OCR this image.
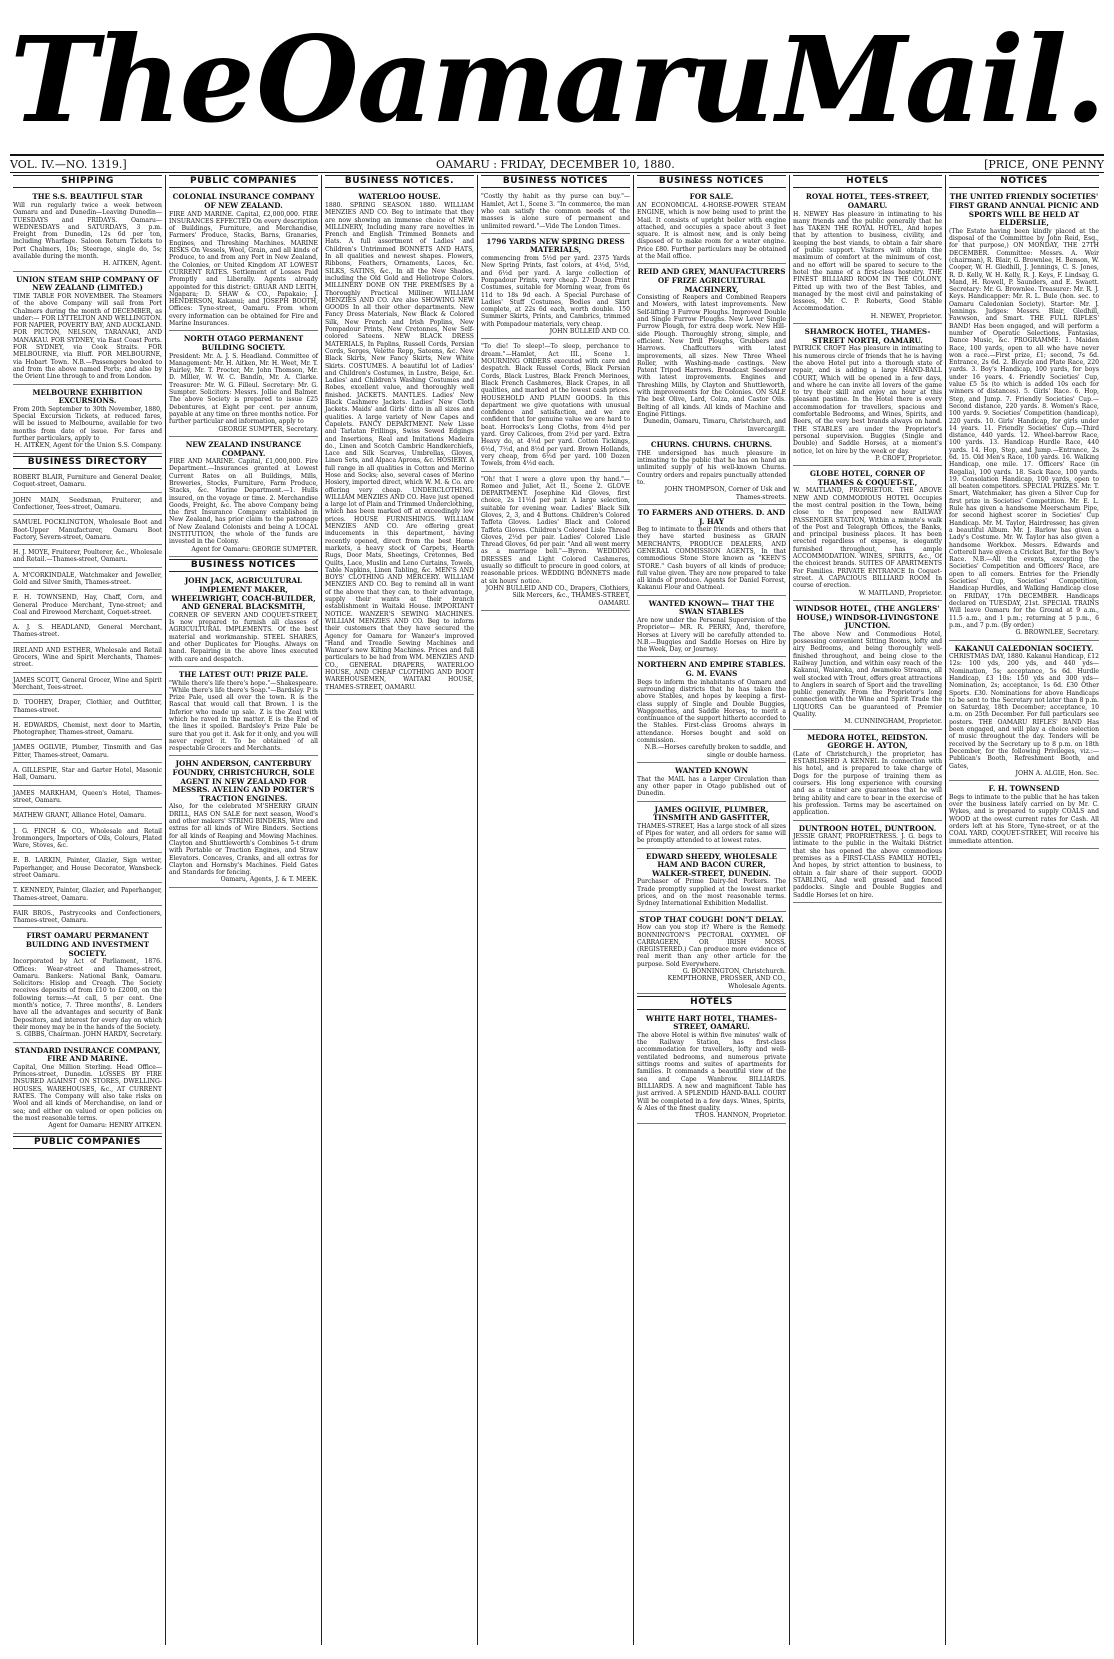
The Oamaru Mail.
VOL. IV.—NO. 1319.]	OAMARU : FRIDAY, DECEMBER 10, 1880.	[PRICE, ONE PENNY
SHIPPING
THE S.S. BEAUTIFUL STAR
Will run regularly twice a week between Oamaru and and Dunedin—Leaving Dunedin—TUESDAYS and FRIDAYS. Oamaru—WEDNESDAYS and SATURDAYS, 3 p.m. Freight from Dunedin, 12s 6d per ton, including Wharfage. Saloon Return Tickets to Port Chalmers, 10s; Steerage, single do, 5s; available during the month.
H. AITKEN, Agent.
UNION STEAM SHIP COMPANY OF NEW ZEALAND (LIMITED.)
TIME TABLE FOR NOVEMBER. The Steamers of the above Company will sail from Port Chalmers during the month of DECEMBER, as under:— FOR LYTTELTON AND WELLINGTON. FOR NAPIER, POVERTY BAY, AND AUCKLAND. FOR PICTON, NELSON, TARANAKI, AND MANAKAU. FOR SYDNEY, via East Coast Ports. FOR SYDNEY, via Cook Straits. FOR MELBOURNE, via Bluff. FOR MELBOURNE, via Hobart Town. N.B.—Passengers booked to and from the above named Ports; and also by the Orient Line through to and from London.
MELBOURNE EXHIBITION EXCURSIONS.
From 20th September to 30th November, 1880, Special Excursion Tickets, at reduced fares, will be issued to Melbourne, available for two months from date of issue. For fares and further particulars, apply to
H. AITKEN, Agent for the Union S.S. Company.
BUSINESS DIRECTORY
ROBERT BLAIR, Furniture and General Dealer, Coquet-street, Oamaru.
JOHN MAIN, Seedsman, Fruiterer, and Confectioner, Tees-street, Oamaru.
SAMUEL POCKLINGTON, Wholesale Boot and Boot-Upper Manufacturer, Oamaru Boot Factory, Severn-street, Oamaru.
H. J. MOYE, Fruiterer, Poulterer, &c., Wholesale and Retail.—Thames-street, Oamaru.
A. M'CORKINDALE, Watchmaker and Jeweller, Gold and Silver Smith, Thames-street.
F. H. TOWNSEND, Hay, Chaff, Corn, and General Produce Merchant, Tyne-street; and Coal and Firewood Merchant, Coquet-street.
A. J. S. HEADLAND, General Merchant, Thames-street.
IRELAND AND ESTHER, Wholesale and Retail Grocers, Wine and Spirit Merchants, Thames-street.
JAMES SCOTT, General Grocer, Wine and Spirit Merchant, Tees-street.
D. TOOHEY, Draper, Clothier, and Outfitter, Thames-street.
H. EDWARDS, Chemist, next door to Martin, Photographer, Thames-street, Oamaru.
JAMES OGILVIE, Plumber, Tinsmith and Gas Fitter, Thames-street, Oamaru.
A. GILLESPIE, Star and Garter Hotel, Masonic Hall, Oamaru.
JAMES MARKHAM, Queen's Hotel, Thames-street, Oamaru.
MATHEW GRANT, Alliance Hotel, Oamaru.
J. G. FINCH & CO., Wholesale and Retail Ironmongers, Importers of Oils, Colours, Plated Ware, Stoves, &c.
E. B. LARKIN, Painter, Glazier, Sign writer, Paperhanger, and House Decorator, Wansbeck-street Oamaru.
T. KENNEDY, Painter, Glazier, and Paperhanger, Thames-street, Oamaru.
FAIR BROS., Pastrycooks and Confectioners, Thames-street, Oamaru.
FIRST OAMARU PERMANENT BUILDING AND INVESTMENT SOCIETY.
Incorporated by Act of Parliament, 1876. Offices: Wear-street and Thames-street, Oamaru. Bankers: National Bank, Oamaru. Solicitors: Hislop and Creagh. The Society receives deposits of from £10 to £2000, on the following terms:—At call, 5 per cent. One month's notice, 7. Three months', 8. Lenders have all the advantages and security of Bank Depositors, and interest for every day on which their money may be in the hands of the Society.
S. GIBBS, Chairman. JOHN HARDY, Secretary.
STANDARD INSURANCE COMPANY, FIRE AND MARINE.
Capital, One Million Sterling. Head Office—Princes-street, Dunedin. LOSSES BY FIRE INSURED AGAINST ON STORES, DWELLING-HOUSES, WAREHOUSES, &c., AT CURRENT RATES. The Company will also take risks on Wool and all kinds of Merchandise, on land or sea; and either on valued or open policies on the most reasonable terms.
Agent for Oamaru: HENRY AITKEN.
PUBLIC COMPANIES
PUBLIC COMPANIES
COLONIAL INSURANCE COMPANY OF NEW ZEALAND.
FIRE AND MARINE. Capital, £2,000,000. FIRE INSURANCES EFFECTED On every description of Buildings, Furniture, and Merchandise, Farmers' Produce, Stacks, Barns, Granaries, Engines, and Threshing Machines. MARINE RISKS On Vessels, Wool, Grain, and all kinds of Produce, to and from any Port in New Zealand, the Colonies, or United Kingdom AT LOWEST CURRENT RATES. Settlement of Losses Paid Promptly and Liberally. Agents already appointed for this district: GRUAR AND LEITH, Ngapara; D. SHAW & CO., Papakaio; J. HENDERSON, Kakanui; and JOSEPH BOOTH, Offices: Tyne-street, Oamaru. From whom every information can be obtained for Fire and Marine Insurances.
NORTH OTAGO PERMANENT BUILDING SOCIETY.
President: Mr. A. J. S. Headland. Committee of Management: Mr. H. Aitken, Mr. H. Weet, Mr. T. Fairley, Mr. T. Procter, Mr. John Thomson, Mr. D. Miller, W. W. C. Bandin, Mr. A. Clarke. Treasurer: Mr. W. G. Filleul. Secretary: Mr. G. Sumpter. Solicitors: Messrs. Jollie and Balmer. The above Society is prepared to issue £25 Debentures, at Eight per cent. per annum, payable at any time on three months notice. For further particular and information, apply to
GEORGE SUMPTER, Secretary.
NEW ZEALAND INSURANCE COMPANY.
FIRE AND MARINE. Capital, £1,000,000. Fire Department.—Insurances granted at Lowest Current Rates on all Buildings, Mills, Breweries, Stocks, Furniture, Farm Produce, Stacks, &c. Marine Department.—1. Hulls insured, on the voyage or time. 2. Merchandise Goods, Freight, &c. The above Company being the first Insurance Company established in New Zealand, has prior claim to the patronage of New Zealand Colonists and being A LOCAL INSTITUTION, the whole of the funds are invested in the Colony.
Agent for Oamaru: GEORGE SUMPTER.
BUSINESS NOTICES
JOHN JACK, AGRICULTURAL IMPLEMENT MAKER, WHEELWRIGHT, COACH-BUILDER, AND GENERAL BLACKSMITH,
CORNER OF SEVERN AND COQUET-STREET, Is now prepared to furnish all classes of AGRICULTURAL IMPLEMENTS. Of the best material and workmanship. STEEL SHARES, and other Duplicates for Ploughs. Always on hand. Repairing in the above lines executed with care and despatch.
THE LATEST OUT! PRIZE PALE.
"While there's life there's hope."—Shakespeare. "While there's life there's Soap."—Bardsley. P is Prize Pale, used all over the town. R is the Rascal that would call that Brown. I is the Inferior who made up sale. Z is the Zeal with which he raved in the matter. E is the End of the lines it spoiled. Bardsley's Prize Pale be sure that you get it. Ask for it only, and you will never regret it. To be obtained of all respectable Grocers and Merchants.
JOHN ANDERSON, CANTERBURY FOUNDRY, CHRISTCHURCH, SOLE AGENT IN NEW ZEALAND FOR MESSRS. AVELING AND PORTER'S TRACTION ENGINES.
Also, for the celebrated M'SHERRY GRAIN DRILL, HAS ON SALE for next season, Wood's and other makers' STRING BINDERS, Wire and extras for all kinds of Wire Binders. Sections for all kinds of Reaping and Mowing Machines. Clayton and Shuttleworth's Combines 5-t drum with Portable or Traction Engines, and Straw Elevators. Concaves, Cranks, and all extras for Clayton and Hornsby's Machines. Field Gates and Standards for fencing.
Oamaru, Agents, J. & T. MEEK.
BUSINESS NOTICES.
WATERLOO HOUSE.
1880. SPRING SEASON. 1880. WILLIAM MENZIES AND CO. Beg to intimate that they are now showing an immense choice of NEW MILLINERY, Including many rare novelties in French and English Trimmed Bonnets and Hats. A full assortment of Ladies' and Children's Untrimmed BONNETS AND HATS, In all qualities and newest shapes. Flowers, Ribbons, Feathers, Ornaments, Laces, &c. SILKS, SATINS, &c., In all the New Shades, including the Old Gold and Heliotrope Colors. MILLINERY DONE ON THE PREMISES By a Thoroughly Practical Milliner. WILLIAM MENZIES AND CO. Are also SHOWING NEW GOODS In all their other departments. New Fancy Dress Materials, New Black & Colored Silk, New French and Irish Poplins, New Pompadour Prints, New Cretonnes, New Self-colored Sateens. NEW BLACK DRESS MATERIALS, In Paplins, Russell Cords, Persian Cords, Serges, Velette Repp, Sateens, &c. New Black Skirts, New Fancy Skirts, New White Skirts. COSTUMES. A beautiful lot of Ladies' and Children's Costumes, in Lustre, Beige, &c. Ladies' and Children's Washing Costumes and Robes, excellent value, and thoroughly well finished. JACKETS. MANTLES. Ladies' New Black Cashmere Jackets. Ladies' New Cloth Jackets. Maids' and Girls' ditto in all sizes and qualities. A large variety of New Capes and Capelets. FANCY DEPARTMENT. New Lisse and Tarlatan Frillings, Swiss Sewed Edgings and Insertions, Real and Imitations Madeira do., Linen and Scotch Cambric Handkerchiefs, Lace and Silk Scarves, Umbrellas, Gloves, Linen Sets, and Alpaca Aprons, &c. HOSIERY. A full range in all qualities in Cotton and Merino Hose and Socks; also, several cases of Merino Hosiery, imported direct, which W. M. & Co. are offering very cheap. UNDERCLOTHING. WILLIAM MENZIES AND CO. Have just opened a large lot of Plain and Trimmed Underclothing, which has been marked off at exceedingly low prices. HOUSE FURNISHINGS. WILLIAM MENZIES AND CO. Are offering great inducements in this department, having recently opened, direct from the best Home markets, a heavy stock of Carpets, Hearth Rugs, Door Mats, Sheetings, Cretonnes, Bed Quilts, Lace, Muslin and Leno Curtains, Towels, Table Napkins, Linen Tabling, &c. MEN'S AND BOYS' CLOTHING AND MERCERY. WILLIAM MENZIES AND CO. Beg to remind all in want of the above that they can, to their advantage, supply their wants at their branch establishment in Waitaki House. IMPORTANT NOTICE. WANZER'S SEWING MACHINES. WILLIAM MENZIES AND CO. Beg to inform their customers that they have secured the Agency for Oamaru for Wanzer's improved "Hand and Treadle Sewing Machines and Wanzer's new Kilting Machines. Prices and full particulars to be had from WM. MENZIES AND CO., GENERAL DRAPERS, WATERLOO HOUSE, AND CHEAP CLOTHING AND BOOT WAREHOUSEMEN, WAITAKI HOUSE, THAMES-STREET, OAMARU.
BUSINESS NOTICES
"Costly thy habit as thy purse can buy."—Hamlet, Act I., Scene 3. "In commerce, the man who can satisfy the common needs of the masses is alone sure of permanent and unlimited reward."—Vide The London Times.
1796 YARDS NEW SPRING DRESS MATERIALS,
commencing from 5½d per yard. 2375 Yards New Spring Prints, fast colors, at 4½d, 5½d, and 6½d per yard. A large collection of Pompadour Prints, very cheap. 27 Dozen Print Costumes, suitable for Morning wear, from 6s 11d to 18s 9d each. A Special Purchase of Ladies' Stuff Costumes, Bodies and Skirt complete, at 22s 6d each, worth double. 150 Summer Skirts, Prints, and Cambrics, trimmed with Pompadour materials, very cheap.
JOHN BULLEID AND CO.
"To die! To sleep!—To sleep, perchance to dream."—Hamlet, Act III., Scene 1. MOURNING ORDERS executed with care and despatch. Black Russel Cords, Black Persian Cords, Black Lustres, Black French Merinoes, Black French Cashmeres, Black Crapes, in all qualities, and marked at the lowest cash prices. HOUSEHOLD AND PLAIN GOODS. In this department we give quotations with unusual confidence and satisfaction, and we are confident that for genuine value we are hard to beat. Horrocks's Long Cloths, from 4½d per yard. Grey Calicoes, from 2½d per yard. Extra Heavy do, at 4½d per yard. Cotton Tickings, 6½d, 7½d, and 8½d per yard. Brown Hollands, very cheap, from 6½d per yard. 100 Dozen Towels, from 4½d each.
"Oh! that I were a glove upon thy hand."—Romeo and Juliet, Act II., Scene 2. GLOVE DEPARTMENT. Josephine Kid Gloves, first choice, 2s 11½d per pair. A large selection, suitable for evening wear. Ladies' Black Silk Gloves, 2, 3, and 4 Buttons. Children's Colored Taffeta Gloves. Ladies' Black and Colored Taffeta Gloves. Children's Colored Lisle Thread Gloves, 2½d per pair. Ladies' Colored Lisle Thread Gloves, 6d per pair. "And all went merry as a marriage bell."—Byron. WEDDING DRESSES and Light Colored Cashmeres, usually so difficult to procure in good colors, at reasonable prices. WEDDING BONNETS made at six hours' notice.
JOHN BULLEID AND CO., Drapers, Clothiers, Silk Mercers, &c., THAMES-STREET, OAMARU.
BUSINESS NOTICES
FOR SALE.
AN ECONOMICAL 4-HORSE-POWER STEAM ENGINE, which is now being used to print the Mail. It consists of upright boiler with engine attached, and occupies a space about 3 feet square. It is almost new, and is only being disposed of to make room for a water engine. Price £80. Further particulars may be obtained at the Mail office.
REID AND GREY, MANUFACTURERS OF FRIZE AGRICULTURAL MACHINERY,
Consisting of Reapers and Combined Reapers and Mowers, with latest improvements. New Self-lifting 3 Furrow Ploughs. Improved Double and Single Furrow Ploughs. New Lever Single Furrow Plough, for extra deep work. New Hill-side Plough. Thoroughly strong, simple, and efficient. New Drill Ploughs, Grubbers and Harrows. Chaffcutters with latest improvements, all sizes. New Three Wheel Roller, with Washing-made castings. New Patent Tripod Harrows. Broadcast Seedsower with latest improvements. Engines and Threshing Mills, by Clayton and Shuttleworth, with improvements for the Colonies. ON SALE The best Olive, Lard, Colza, and Castor Oils. Belting of all kinds. All kinds of Machine and Engine Fittings.
Dunedin, Oamaru, Timaru, Christchurch, and Invercargill.
CHURNS. CHURNS. CHURNS.
THE undersigned has much pleasure in intimating to the public that he has on hand an unlimited supply of his well-known Churns. Country orders and repairs punctually attended to.
JOHN THOMPSON, Corner of Usk and Thames-streets.
TO FARMERS AND OTHERS. D. AND J. HAY
Beg to intimate to their friends and others that they have started business as GRAIN MERCHANTS, PRODUCE DEALERS, AND GENERAL COMMISSION AGENTS, In that commodious Stone Store known as "KEEN'S STORE." Cash buyers of all kinds of produce; full value given. They are now prepared to take all kinds of produce. Agents for Daniel Forrest, Kakanui Flour and Oatmeal.
WANTED KNOWN— THAT THE SWAN STABLES
Are now under the Personal Supervision of the Proprietor— MR. R. PERRY, And, therefore, Horses at Livery will be carefully attended to. N.B.—Buggies and Saddle Horses on Hire by the Week, Day, or Journey.
NORTHERN AND EMPIRE STABLES. G. M. EVANS
Begs to inform the inhabitants of Oamaru and surrounding districts that he has taken the above Stables, and hopes by keeping a first-class supply of Single and Double Buggies, Waggonettes, and Saddle Horses, to merit a continuance of the support hitherto accorded to the Stables. First-class Grooms always in attendance. Horses bought and sold on commission.
N.B.—Horses carefully broken to saddle, and single or double harness.
WANTED KNOWN
That the MAIL has a Larger Circulation than any other paper in Otago published out of Dunedin.
JAMES OGILVIE, PLUMBER, TINSMITH AND GASFITTER,
THAMES-STREET, Has a large stock of all sizes of Pipes for water, and all orders for same will be promptly attended to at lowest rates.
EDWARD SHEEDY, WHOLESALE HAM AND BACON CURER, WALKER-STREET, DUNEDIN.
Purchaser of Prime Dairy-fed Porkers. The Trade promptly supplied at the lowest market prices, and on the most reasonable terms. Sydney International Exhibition Medallist.
STOP THAT COUGH! DON'T DELAY.
How can you stop it? Where is the Remedy. BONNINGTON'S PECTORAL OXYMEL OF CARRAGEEN, OR IRISH MOSS. (REGISTERED.) Can produce more evidence of real merit than any other article for the purpose. Sold Everywhere.
G. BONNINGTON, Christchurch. KEMPTHORNE, PROSSER, AND CO., Wholesale Agents.
HOTELS
WHITE HART HOTEL, THAMES-STREET, OAMARU.
The above Hotel is within five minutes' walk of the Railway Station, has first-class accommodation for travellers, lofty and well-ventilated bedrooms, and numerous private sittings rooms and suites of apartments for families. It commands a beautiful view of the sea and Cape Wanbrow. BILLIARDS. BILLIARDS. A new and magnificent Table has just arrived. A SPLENDID HAND-BALL COURT Will be completed in a few days. Wines, Spirits, & Ales of the finest quality.
THOS. HANNON, Proprietor.
HOTELS
ROYAL HOTEL, TEES-STREET, OAMARU.
H. NEWEY Has pleasure in intimating to his many friends and the public generally that he has TAKEN THE ROYAL HOTEL, And hopes that by attention to business, civility, and keeping the best viands, to obtain a fair share of public support. Visitors will obtain the maximum of comfort at the minimum of cost, and no effort will be spared to secure to the hotel the name of a first-class hostelry. THE FINEST BILLIARD ROOM IN THE COLONY, Fitted up with two of the Best Tables, and managed by the most civil and painstaking of lessees, Mr. C. P. Roberts, Good Stable Accommodation.
H. NEWEY, Proprietor.
SHAMROCK HOTEL, THAMES-STREET NORTH, OAMARU.
PATRICK CROFT Has pleasure in intimating to his numerous circle of friends that he is having the above Hotel put into a thorough state of repair, and is adding a large HAND-BALL COURT, Which will be opened in a few days, and where he can invite all lovers of the game to try their skill and enjoy an hour at this pleasant pastime. In the Hotel there is every accommodation for travellers, spacious and comfortable Bedrooms, and Wines, Spirits, and Beers, of the very best brands always on hand. THE STABLES are under the Proprietor's personal supervision. Buggies (Single and Double) and Saddle Horses, at a moment's notice, let on hire by the week or day.
P. CROFT, Proprietor.
GLOBE HOTEL, CORNER OF THAMES & COQUET-ST.,
W. MAITLAND, PROPRIETOR. THE ABOVE NEW AND COMMODIOUS HOTEL Occupies the most central position in the Town, being close to the proposed new RAILWAY PASSENGER STATION, Within a minute's walk of the Post and Telegraph Offices, the Banks, and principal business places. It has been erected regardless of expense, is elegantly furnished throughout, has ample ACCOMMODATION. WINES, SPIRITS, &c., Of the choicest brands. SUITES OF APARTMENTS For Families. PRIVATE ENTRANCE In Coquet-street. A CAPACIOUS BILLIARD ROOM In course of erection.
W. MAITLAND, Proprietor.
WINDSOR HOTEL, (THE ANGLERS' HOUSE,) WINDSOR-LIVINGSTONE JUNCTION.
The above New and Commodious Hotel, possessing convenient Sitting Rooms, lofty and airy Bedrooms, and being thoroughly well-finished throughout, and being close to the Railway Junction, and within easy reach of the Kakanui, Waiareka, and Awamoko Streams, all well stocked with Trout, offers great attractions to Anglers in search of Sport and the travelling public generally. From the Proprietor's long connection with the Wine and Spirit Trade the LIQUORS Can be guaranteed of Premier Quality.
M. CUNNINGHAM, Proprietor.
MEDORA HOTEL, REIDSTON. GEORGE H. AYTON,
(Late of Christchurch,) the proprietor, has ESTABLISHED A KENNEL In connection with his hotel, and is prepared to take charge of Dogs for the purpose of training them as coursers. His long experience with coursing and as a trainer are guarantees that he will bring ability and care to bear in the exercise of his profession. Terms may be ascertained on application.
DUNTROON HOTEL, DUNTROON.
JESSIE GRANT, PROPRIETRESS. J. G. begs to intimate to the public in the Waitaki District that she has opened the above commodious premises as a FIRST-CLASS FAMILY HOTEL; And hopes, by strict attention to business, to obtain a fair share of their support. GOOD STABLING, And well grassed and fenced paddocks. Single and Double Buggies and Saddle Horses let on hire.
NOTICES
THE UNITED FRIENDLY SOCIETIES' FIRST GRAND ANNUAL PICNIC AND SPORTS WILL BE HELD AT ELDERSLIE,
(The Estate having been kindly placed at the disposal of the Committee by John Reid, Esq., for that purpose,) ON MONDAY, THE 27TH DECEMBER. Committee: Messrs. A. Weir (chairman), R. Blair, G. Brownlee, H. Benson, W. Cooper, W. H. Gledhill, J. Jennings, C. S. Jones, R. D. Kelly, W. H. Kelly, R. J. Keys, F. Lindsay, G. Mand, H. Rowell, P. Saunders, and E. Swaett. Secretary: Mr. G. Brownlee. Treasurer: Mr. R. J. Keys. Handicapper: Mr. R. L. Bule (hon. sec. to Oamaru Caledonian Society). Starter: Mr. J. Jennings. Judges: Messrs. Blair, Gledhill, Fawwson, and Smart. THE FULL RIFLES' BAND! Has been engaged, and will perform a number of Operatic Selections, Fantasias, Dance Music, &c. PROGRAMME: 1. Maiden Race, 100 yards, open to all who have never won a race.—First prize, £1; second, 7s 6d. Entrance, 2s 6d. 2. Bicycle and Plate Race, 220 yards. 3. Boy's Handicap, 100 yards, for boys under 16 years. 4. Friendly Societies' Cup, value £5 5s (to which is added 10s each for winners of distances). 5. Girls' Race. 6. Hop, Step, and Jump. 7. Friendly Societies' Cup.—Second distance, 220 yards. 8. Women's Race, 100 yards. 9. Societies' Competition (handicap), 220 yards. 10. Girls' Handicap, for girls under 14 years. 11. Friendly Societies' Cup.—Third distance, 440 yards. 12. Wheel-barrow Race, 100 yards. 13. Handicap Hurdle Race, 440 yards. 14. Hop, Step, and Jump.—Entrance, 2s 6d. 15. Old Men's Race, 100 yards. 16. Walking Handicap, one mile. 17. Officers' Race (in Regalia), 100 yards. 18. Sack Race, 100 yards. 19. Consolation Handicap, 100 yards, open to all beaten competitors. SPECIAL PRIZES. Mr. T. Smart, Watchmaker, has given a Silver Cup for first prize in Societies' Competition. Mr. E. L. Rule has given a handsome Meerschaum Pipe, for second highest scorer in Societies' Cup Handicap. Mr. M. Taylor, Hairdresser, has given a beautiful Album. Mr. J. Barlow has given a Lady's Costume. Mr. W. Taylor has also given a handsome Workbox. Messrs. Edwards and Cotterell have given a Cricket Bat, for the Boy's Race. N.B.—All the events, excepting the Societies' Competition and Officers' Race, are open to all comers. Entries for the Friendly Societies' Cup, Societies' Competition, Handicap Hurdles, and Walking Handicap close on FRIDAY, 17th DECEMBER. Handicaps declared on TUESDAY, 21st. SPECIAL TRAINS Will leave Oamaru for the Ground at 9 a.m., 11.5 a.m., and 1 p.m.; returning at 5 p.m., 6 p.m., and 7 p.m. (By order.)
G. BROWNLEE, Secretary.
KAKANUI CALEDONIAN SOCIETY.
CHRISTMAS DAY, 1880. Kakanui Handicap, £12 12s: 100 yds, 200 yds, and 440 yds—Nomination, 5s; acceptance, 5s 6d. Hurdle Handicap, £3 10s: 150 yds and 300 yds—Nomination, 2s; acceptance, 1s 6d. £30 Other Sports. £30. Nominations for above Handicaps to be sent to the Secretary not later than 8 p.m. on Saturday, 18th December; acceptance, 10 a.m. on 25th December. For full particulars see posters. THE OAMARU RIFLES' BAND Has been engaged, and will play a choice selection of music throughout the day. Tenders will be received by the Secretary up to 8 p.m. on 18th December, for the following Privileges, viz.:—Publican's Booth, Refreshment Booth, and Gates,
JOHN A. ALGIE, Hon. Sec.
F. H. TOWNSEND
Begs to intimate to the public that he has taken over the business lately carried on by Mr. C. Wykes, and is prepared to supply COALS and WOOD at the owest current rates for Cash. All orders left at his Store, Tyne-street, or at the COAL YARD, COQUET-STREET, Will receive his immediate attention.
